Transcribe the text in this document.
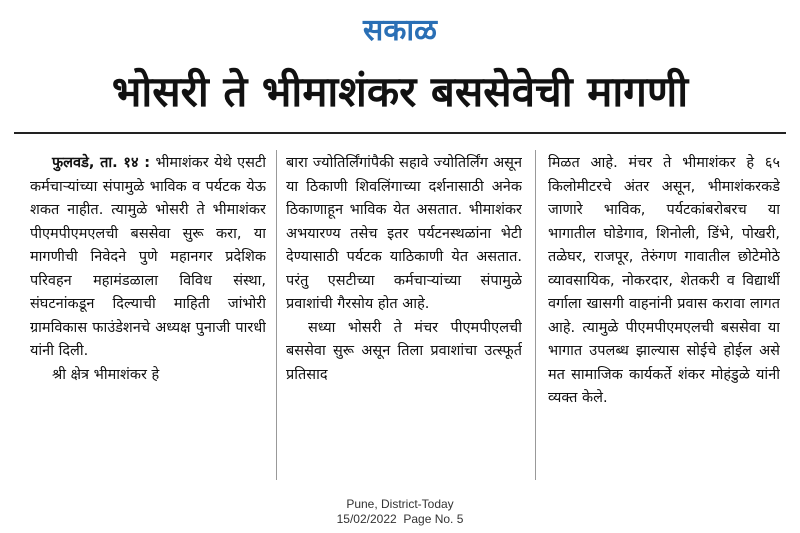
सकाळ
भोसरी ते भीमाशंकर बससेवेची मागणी

फुलवडे, ता. १४ : भीमाशंकर येथे एसटी कर्मचाऱ्यांच्या संपामुळे भाविक व पर्यटक येऊ शकत नाहीत. त्यामुळे भोसरी ते भीमाशंकर पीएमपीएमएलची बससेवा सुरू करा, या मागणीची निवेदने पुणे महानगर प्रदेशिक परिवहन महामंडळाला विविध संस्था, संघटनांकडून दिल्याची माहिती जांभोरी ग्रामविकास फाउंडेशनचे अध्यक्ष पुनाजी पारधी यांनी दिली.

श्री क्षेत्र भीमाशंकर हे

बारा ज्योतिर्लिंगांपैकी सहावे ज्योतिर्लिंग असून या ठिकाणी शिवलिंगाच्या दर्शनासाठी अनेक ठिकाणाहून भाविक येत असतात. भीमाशंकर अभयारण्य तसेच इतर पर्यटनस्थळांना भेटी देण्यासाठी पर्यटक याठिकाणी येत असतात. परंतु एसटीच्या कर्मचाऱ्यांच्या संपामुळे प्रवाशांची गैरसोय होत आहे.

सध्या भोसरी ते मंचर पीएमपीएलची बससेवा सुरू असून तिला प्रवाशांचा उत्स्फूर्त प्रतिसाद

मिळत आहे. मंचर ते भीमाशंकर हे ६५ किलोमीटरचे अंतर असून, भीमाशंकरकडे जाणारे भाविक, पर्यटकांबरोबरच या भागातील घोडेगाव, शिनोली, डिंभे, पोखरी, तळेघर, राजपूर, तेरुंगण गावातील छोटेमोठे व्यावसायिक, नोकरदार, शेतकरी व विद्यार्थी वर्गाला खासगी वाहनांनी प्रवास करावा लागत आहे. त्यामुळे पीएमपीएमएलची बससेवा या भागात उपलब्ध झाल्यास सोईचे होईल असे मत सामाजिक कार्यकर्ते शंकर मोहंडुळे यांनी व्यक्त केले.

Pune, District-Today
15/02/2022  Page No. 5
